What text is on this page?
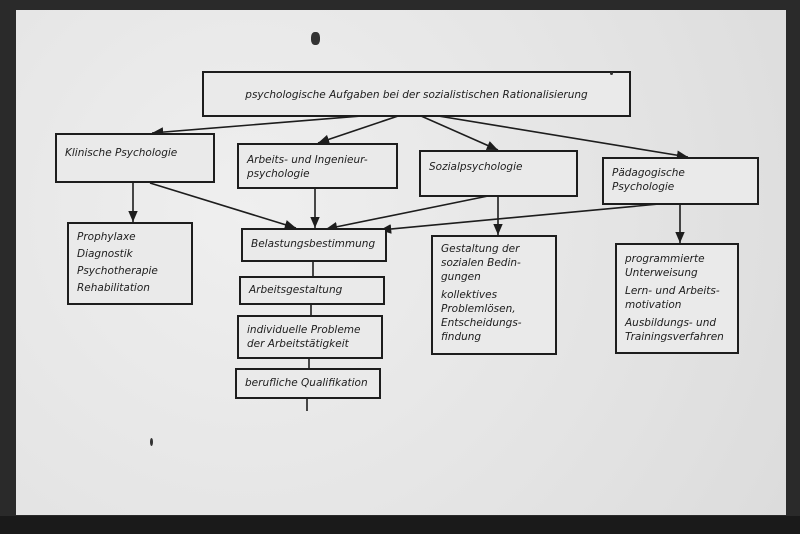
psychologische Aufgaben bei der sozialistischen Rationalisierung
Klinische Psychologie
Arbeits- und Ingenieur-
psychologie
Sozialpsychologie	Pädagogische
Psychologie
Prophylaxe
Diagnostik
Psychotherapie
Rehabilitation
Gestaltung der
sozialen Bedin-
gungen
kollektives
Problemlösen,
Entscheidungs-
findung
programmierte
Unterweisung
Lern- und Arbeits-
motivation
Ausbildungs- und
Trainingsverfahren
Belastungsbestimmung
Arbeitsgestaltung
individuelle Probleme
der Arbeitstätigkeit
berufliche Qualifikation
